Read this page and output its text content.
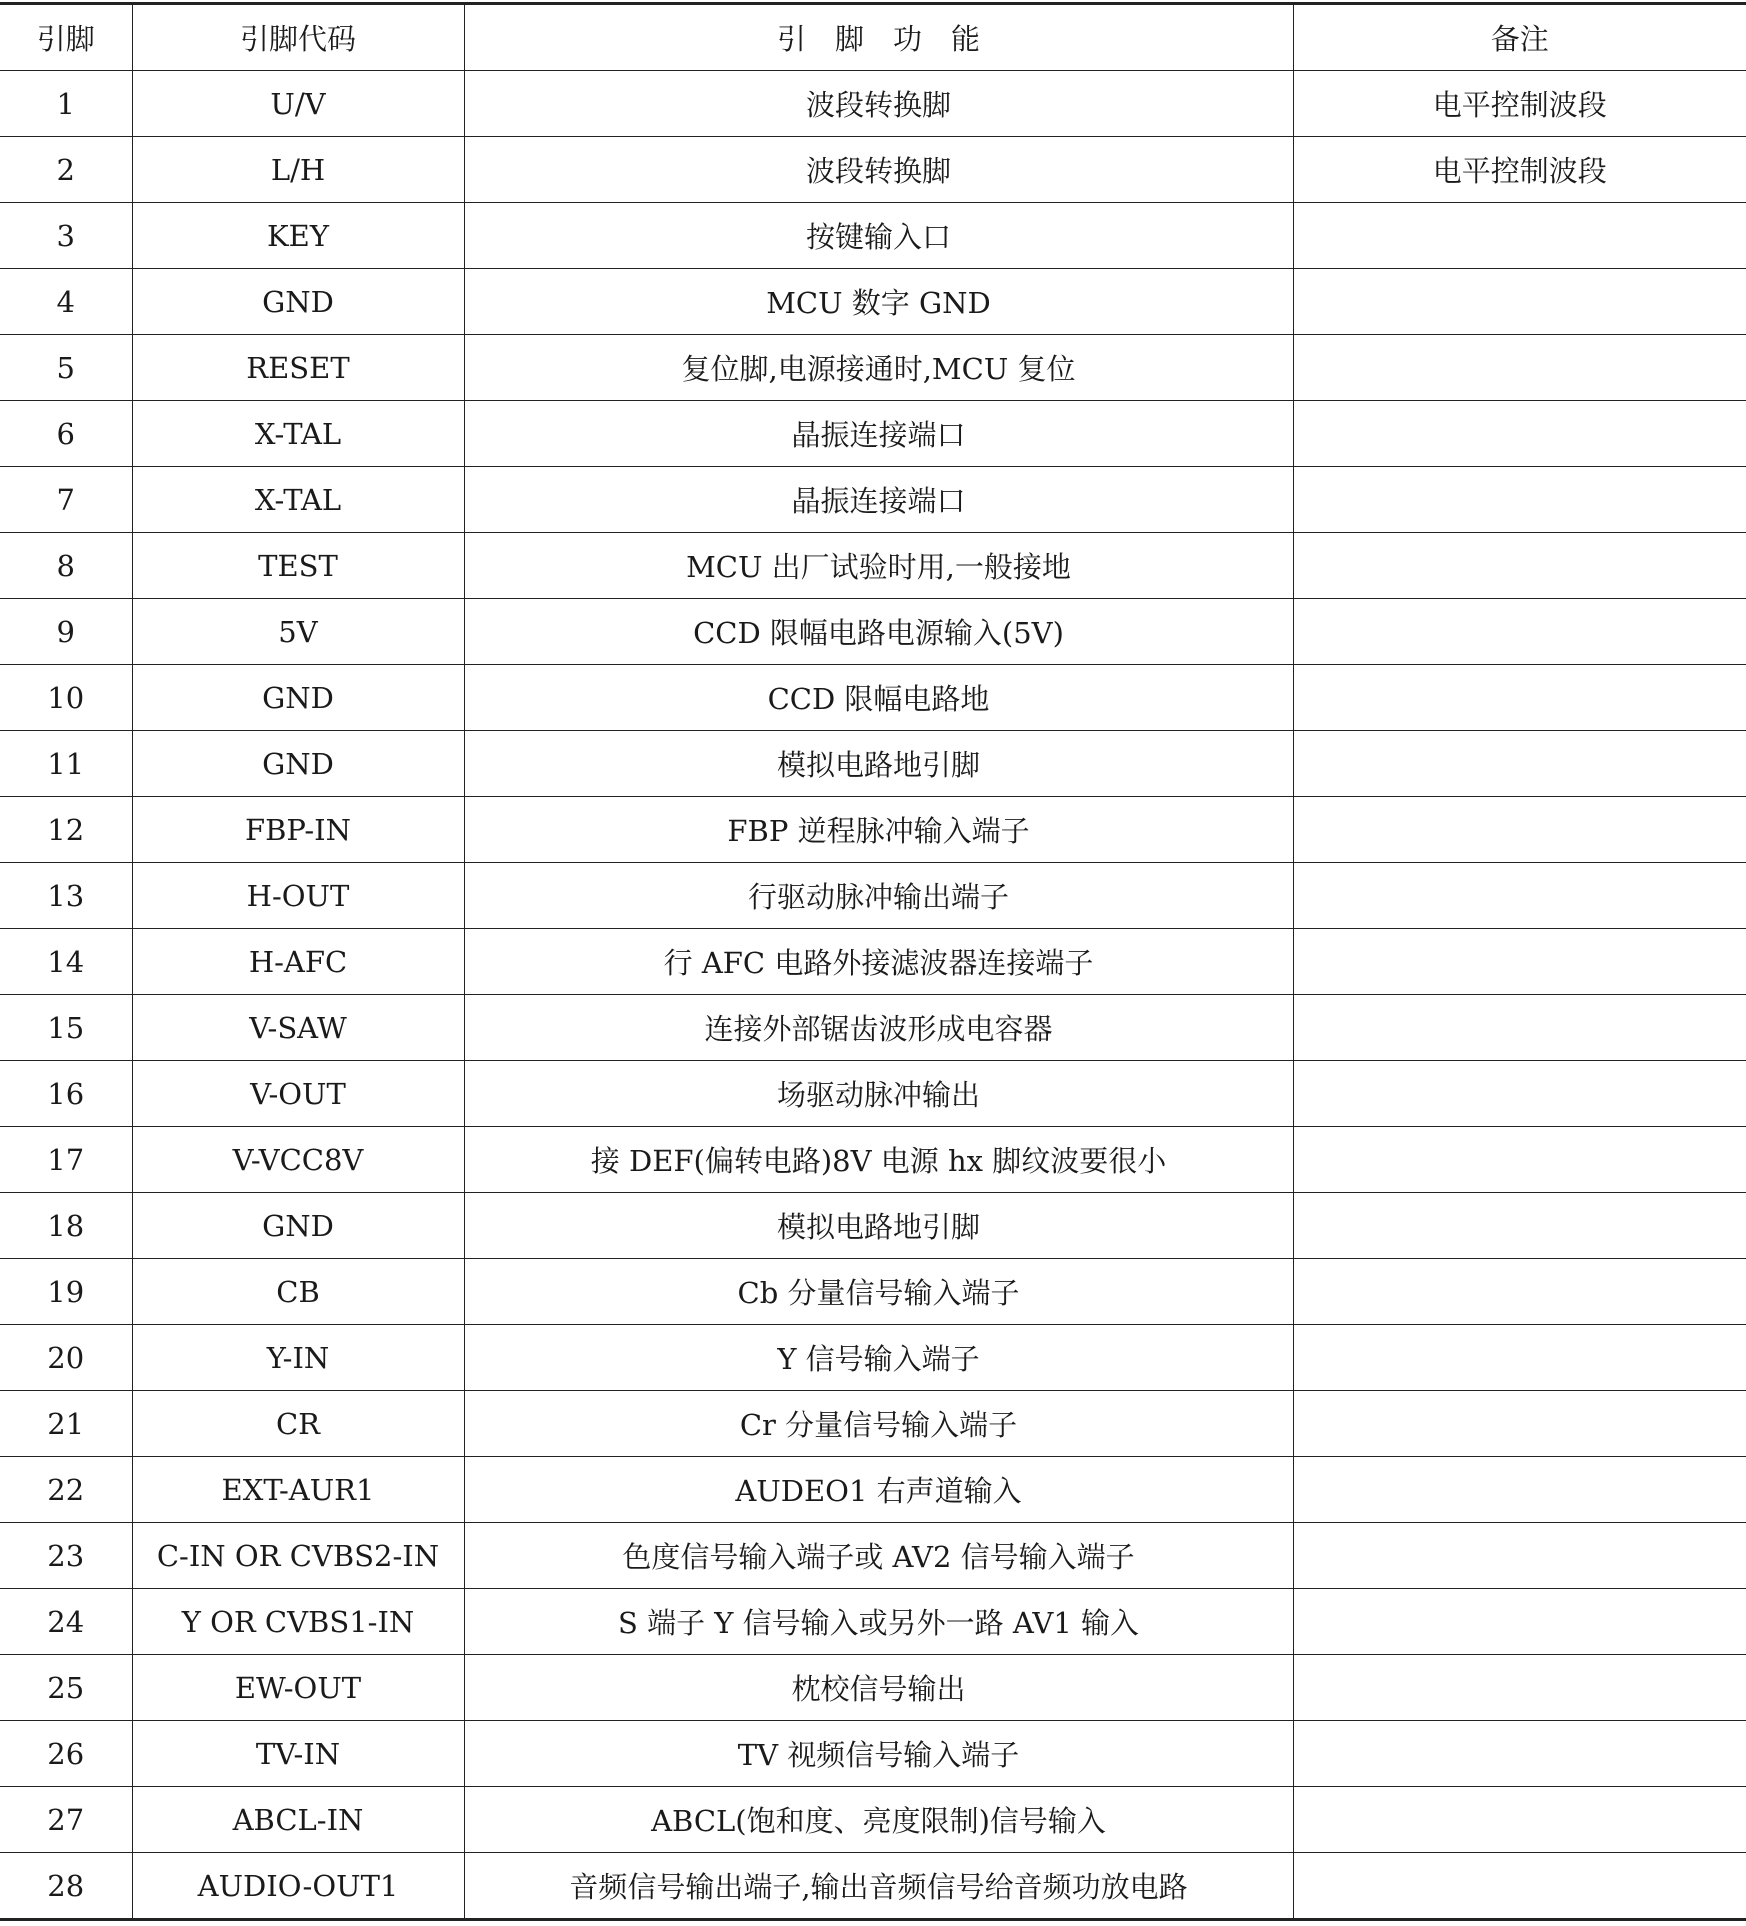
引脚	引脚代码	引　脚　功　能	备注
1	U/V	波段转换脚	电平控制波段
2	L/H	波段转换脚	电平控制波段
3	KEY	按键输入口	
4	GND	MCU 数字 GND	
5	RESET	复位脚,电源接通时,MCU 复位	
6	X-TAL	晶振连接端口	
7	X-TAL	晶振连接端口	
8	TEST	MCU 出厂试验时用,一般接地	
9	5V	CCD 限幅电路电源输入(5V)	
10	GND	CCD 限幅电路地	
11	GND	模拟电路地引脚	
12	FBP-IN	FBP 逆程脉冲输入端子	
13	H-OUT	行驱动脉冲输出端子	
14	H-AFC	行 AFC 电路外接滤波器连接端子	
15	V-SAW	连接外部锯齿波形成电容器	
16	V-OUT	场驱动脉冲输出	
17	V-VCC8V	接 DEF(偏转电路)8V 电源 hx 脚纹波要很小	
18	GND	模拟电路地引脚	
19	CB	Cb 分量信号输入端子	
20	Y-IN	Y 信号输入端子	
21	CR	Cr 分量信号输入端子	
22	EXT-AUR1	AUDEO1 右声道输入	
23	C-IN OR CVBS2-IN	色度信号输入端子或 AV2 信号输入端子	
24	Y OR CVBS1-IN	S 端子 Y 信号输入或另外一路 AV1 输入	
25	EW-OUT	枕校信号输出	
26	TV-IN	TV 视频信号输入端子	
27	ABCL-IN	ABCL(饱和度、亮度限制)信号输入	
28	AUDIO-OUT1	音频信号输出端子,输出音频信号给音频功放电路	
